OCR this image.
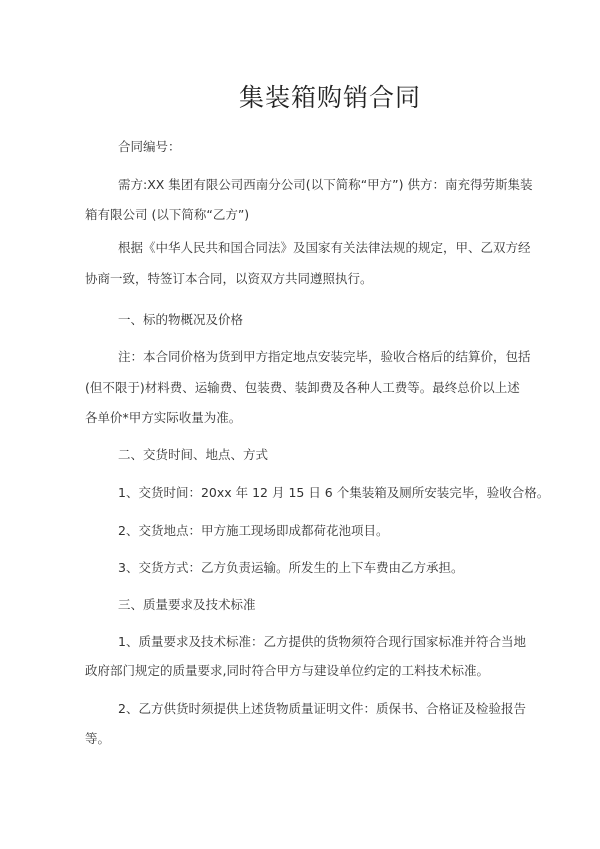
集装箱购销合同
合同编号：
需方:XX 集团有限公司西南分公司(以下简称“甲方”) 供方：南充得劳斯集装
箱有限公司 (以下简称“乙方”)
根据《中华人民共和国合同法》及国家有关法律法规的规定，甲、乙双方经
协商一致，特签订本合同，以资双方共同遵照执行。
一、标的物概况及价格
注：本合同价格为货到甲方指定地点安装完毕，验收合格后的结算价，包括
(但不限于)材料费、运输费、包装费、装卸费及各种人工费等。最终总价以上述
各单价*甲方实际收量为准。
二、交货时间、地点、方式
1、交货时间：20xx 年 12 月 15 日 6 个集装箱及厕所安装完毕，验收合格。
2、交货地点：甲方施工现场即成都荷花池项目。
3、交货方式：乙方负责运输。所发生的上下车费由乙方承担。
三、质量要求及技术标准
1、质量要求及技术标准：乙方提供的货物须符合现行国家标准并符合当地
政府部门规定的质量要求,同时符合甲方与建设单位约定的工料技术标准。
2、乙方供货时须提供上述货物质量证明文件：质保书、合格证及检验报告
等。
